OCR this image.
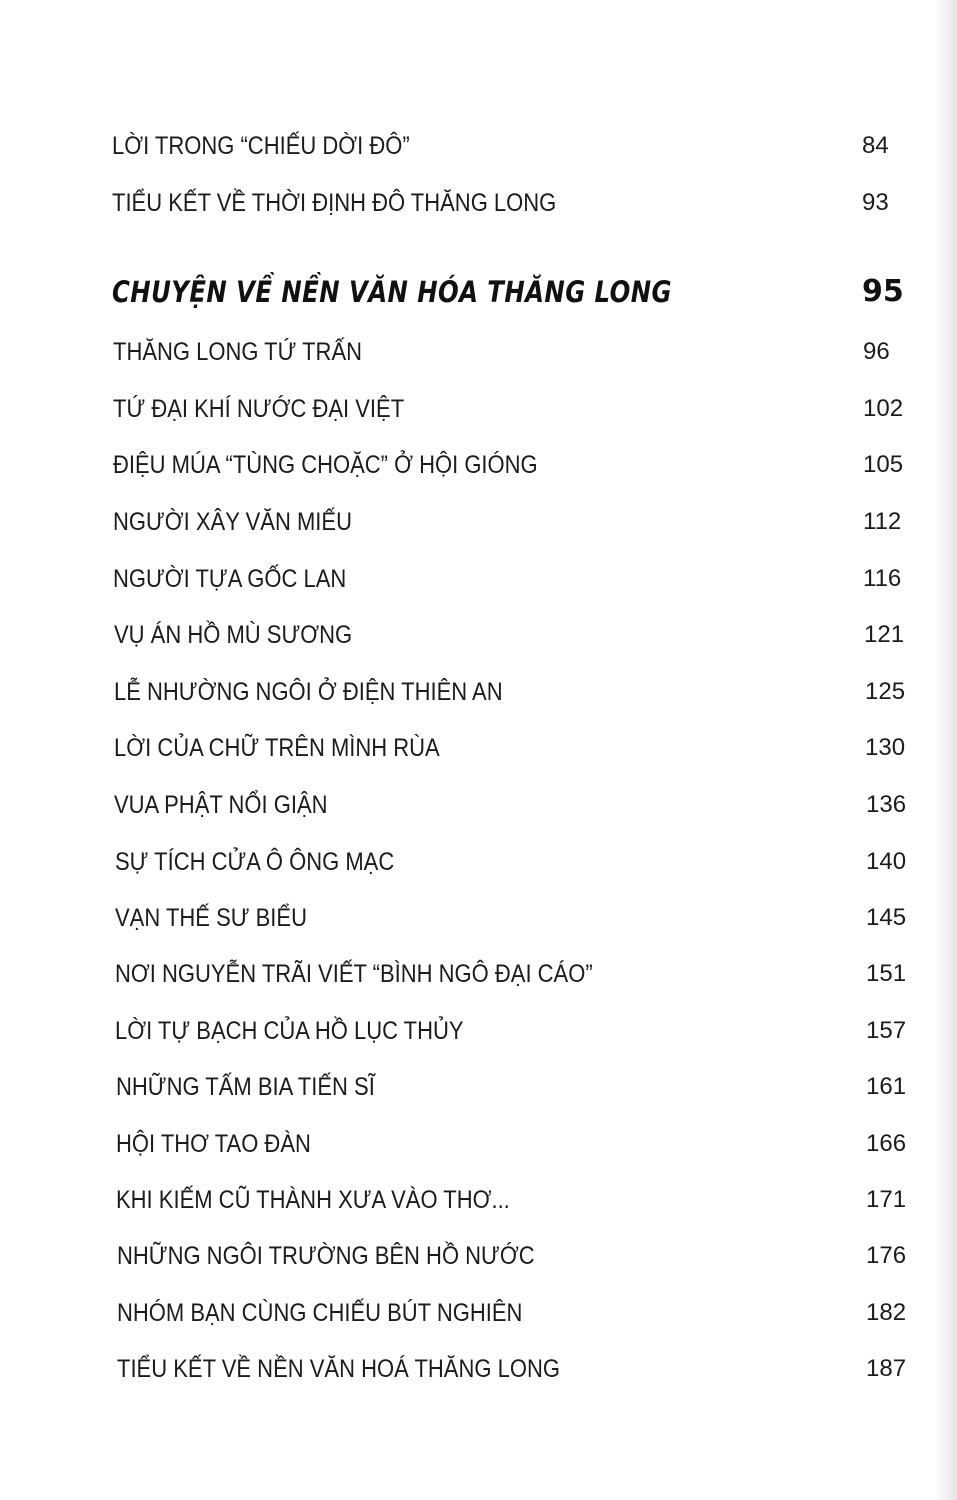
LỜI TRONG “CHIẾU DỜI ĐÔ”	84
TIỂU KẾT VỀ THỜI ĐỊNH ĐÔ THĂNG LONG	93
CHUYỆN VỀ NỀN VĂN HÓA THĂNG LONG	95
THĂNG LONG TỨ TRẤN	96
TỨ ĐẠI KHÍ NƯỚC ĐẠI VIỆT	102
ĐIỆU MÚA “TÙNG CHOẶC” Ở HỘI GIÓNG	105
NGƯỜI XÂY VĂN MIẾU	112
NGƯỜI TỰA GỐC LAN	116
VỤ ÁN HỒ MÙ SƯƠNG	121
LỄ NHƯỜNG NGÔI Ở ĐIỆN THIÊN AN	125
LỜI CỦA CHỮ TRÊN MÌNH RÙA	130
VUA PHẬT NỔI GIẬN	136
SỰ TÍCH CỬA Ô ÔNG MẠC	140
VẠN THẾ SƯ BIỂU	145
NƠI NGUYỄN TRÃI VIẾT “BÌNH NGÔ ĐẠI CÁO”	151
LỜI TỰ BẠCH CỦA HỒ LỤC THỦY	157
NHỮNG TẤM BIA TIẾN SĨ	161
HỘI THƠ TAO ĐÀN	166
KHI KIẾM CŨ THÀNH XƯA VÀO THƠ...	171
NHỮNG NGÔI TRƯỜNG BÊN HỒ NƯỚC	176
NHÓM BẠN CÙNG CHIẾU BÚT NGHIÊN	182
TIỂU KẾT VỀ NỀN VĂN HOÁ THĂNG LONG	187
